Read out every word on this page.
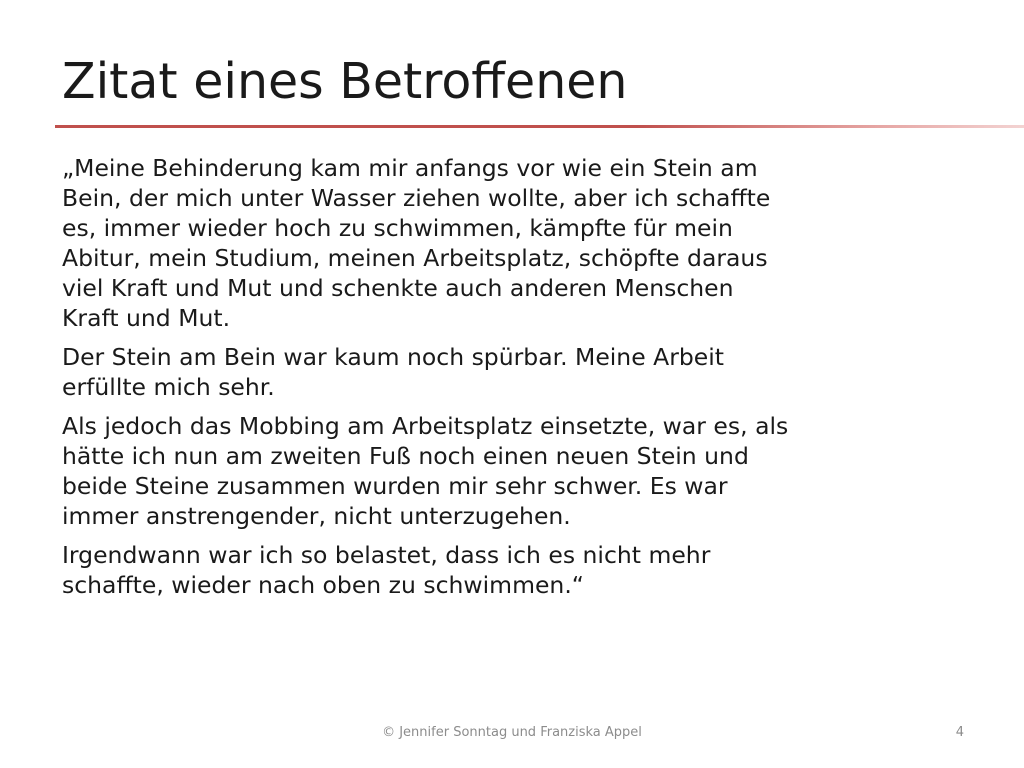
Zitat eines Betroffenen

„Meine Behinderung kam mir anfangs vor wie ein Stein am
Bein, der mich unter Wasser ziehen wollte, aber ich schaffte
es, immer wieder hoch zu schwimmen, kämpfte für mein
Abitur, mein Studium, meinen Arbeitsplatz, schöpfte daraus
viel Kraft und Mut und schenkte auch anderen Menschen
Kraft und Mut.

Der Stein am Bein war kaum noch spürbar. Meine Arbeit
erfüllte mich sehr.

Als jedoch das Mobbing am Arbeitsplatz einsetzte, war es, als
hätte ich nun am zweiten Fuß noch einen neuen Stein und
beide Steine zusammen wurden mir sehr schwer. Es war
immer anstrengender, nicht unterzugehen.

Irgendwann war ich so belastet, dass ich es nicht mehr
schaffte, wieder nach oben zu schwimmen.“

© Jennifer Sonntag und Franziska Appel	4
